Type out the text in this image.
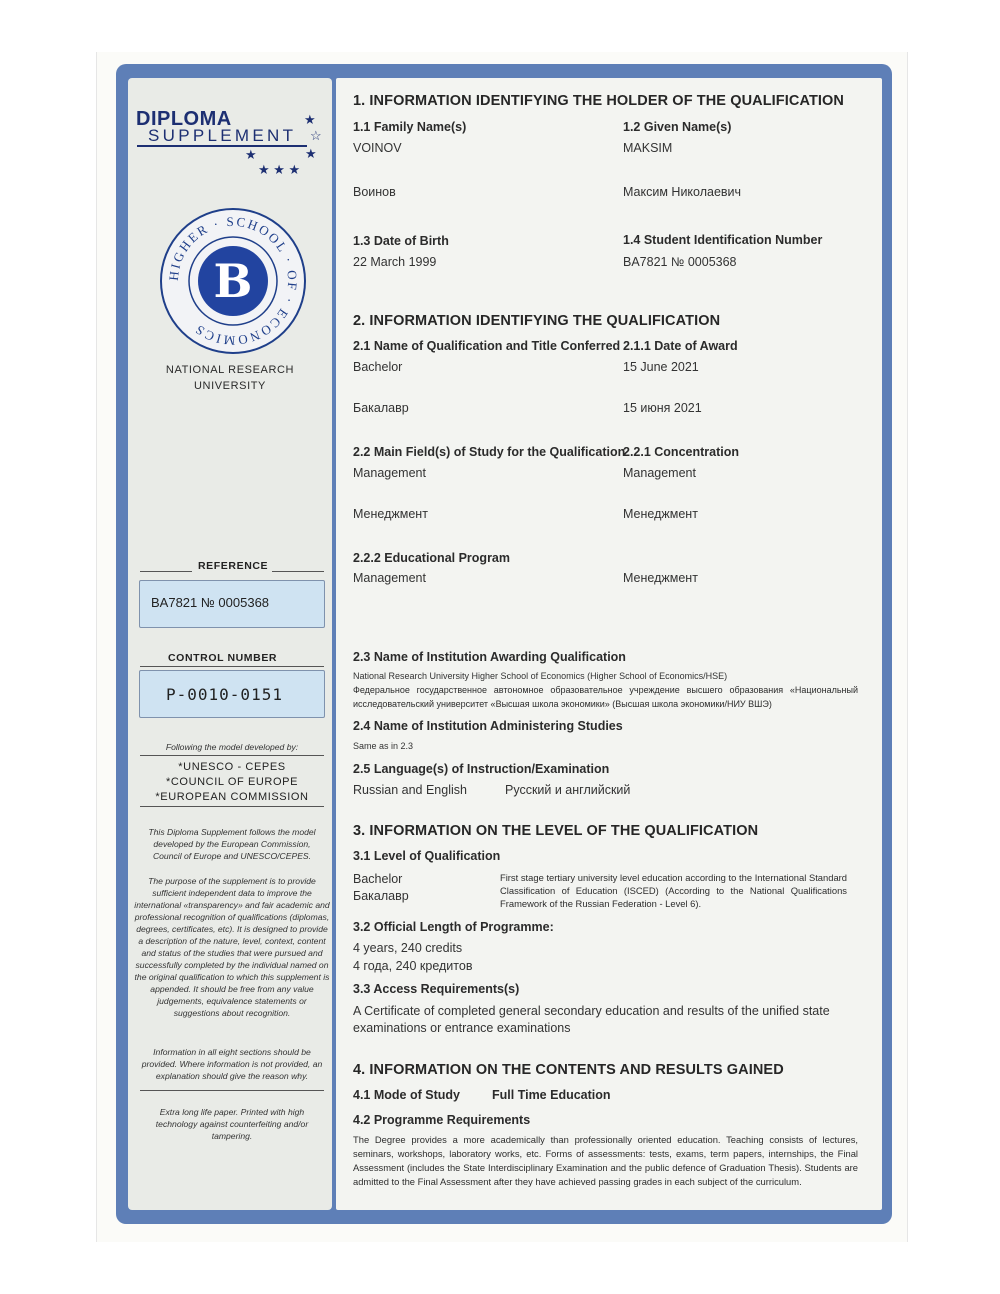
DIPLOMA
SUPPLEMENT
★
☆
★
★
★ ★ ★
HIGHER · SCHOOL · OF · ECONOMICS
В
NATIONAL RESEARCH
UNIVERSITY
REFERENCE
BA7821 № 0005368
CONTROL NUMBER
P-0010-0151
Following the model developed by:
*UNESCO - CEPES
*COUNCIL OF EUROPE
*EUROPEAN COMMISSION
This Diploma Supplement follows the model developed by the European Commission, Council of Europe and UNESCO/CEPES.
The purpose of the supplement is to provide sufficient independent data to improve the international «transparency» and fair academic and professional recognition of qualifications (diplomas, degrees, certificates, etc). It is designed to provide a description of the nature, level, context, content and status of the studies that were pursued and successfully completed by the individual named on the original qualification to which this supplement is appended. It should be free from any value judgements, equivalence statements or suggestions about recognition.
Information in all eight sections should be provided. Where information is not provided, an explanation should give the reason why.
Extra long life paper. Printed with high technology against counterfeiting and/or tampering.
1. INFORMATION IDENTIFYING THE HOLDER OF THE QUALIFICATION
1.1 Family Name(s)
VOINOV
Воинов
1.2 Given Name(s)
MAKSIM
Максим Николаевич
1.3 Date of Birth
22 March 1999
1.4 Student Identification Number
BA7821 № 0005368
2. INFORMATION IDENTIFYING THE QUALIFICATION
2.1 Name of Qualification and Title Conferred
Bachelor
Бакалавр
2.1.1 Date of Award
15 June 2021
15 июня 2021
2.2 Main Field(s) of Study for the Qualification
Management
Менеджмент
2.2.1 Concentration
Management
Менеджмент
2.2.2 Educational Program
Management	Менеджмент
2.3 Name of Institution Awarding Qualification
National Research University Higher School of Economics (Higher School of Economics/HSE)
Федеральное государственное автономное образовательное учреждение высшего образования «Национальный исследовательский университет «Высшая школа экономики» (Высшая школа экономики/НИУ ВШЭ)
2.4 Name of Institution Administering Studies
Same as in 2.3
2.5 Language(s) of Instruction/Examination
Russian and English	Русский и английский
3. INFORMATION ON THE LEVEL OF THE QUALIFICATION
3.1 Level of Qualification
Bachelor
Бакалавр
First stage tertiary university level education according to the International Standard Classification of Education (ISCED) (According to the National Qualifications Framework of the Russian Federation - Level 6).
3.2 Official Length of Programme:
4 years, 240 credits
4 года, 240 кредитов
3.3 Access Requirements(s)
A Certificate of completed general secondary education and results of the unified state examinations or entrance examinations
4. INFORMATION ON THE CONTENTS AND RESULTS GAINED
4.1 Mode of Study	Full Time Education
4.2 Programme Requirements
The Degree provides a more academically than professionally oriented education. Teaching consists of lectures, seminars, workshops, laboratory works, etc. Forms of assessments: tests, exams, term papers, internships, the Final Assessment (includes the State Interdisciplinary Examination and the public defence of Graduation Thesis). Students are admitted to the Final Assessment after they have achieved passing grades in each subject of the curriculum.
